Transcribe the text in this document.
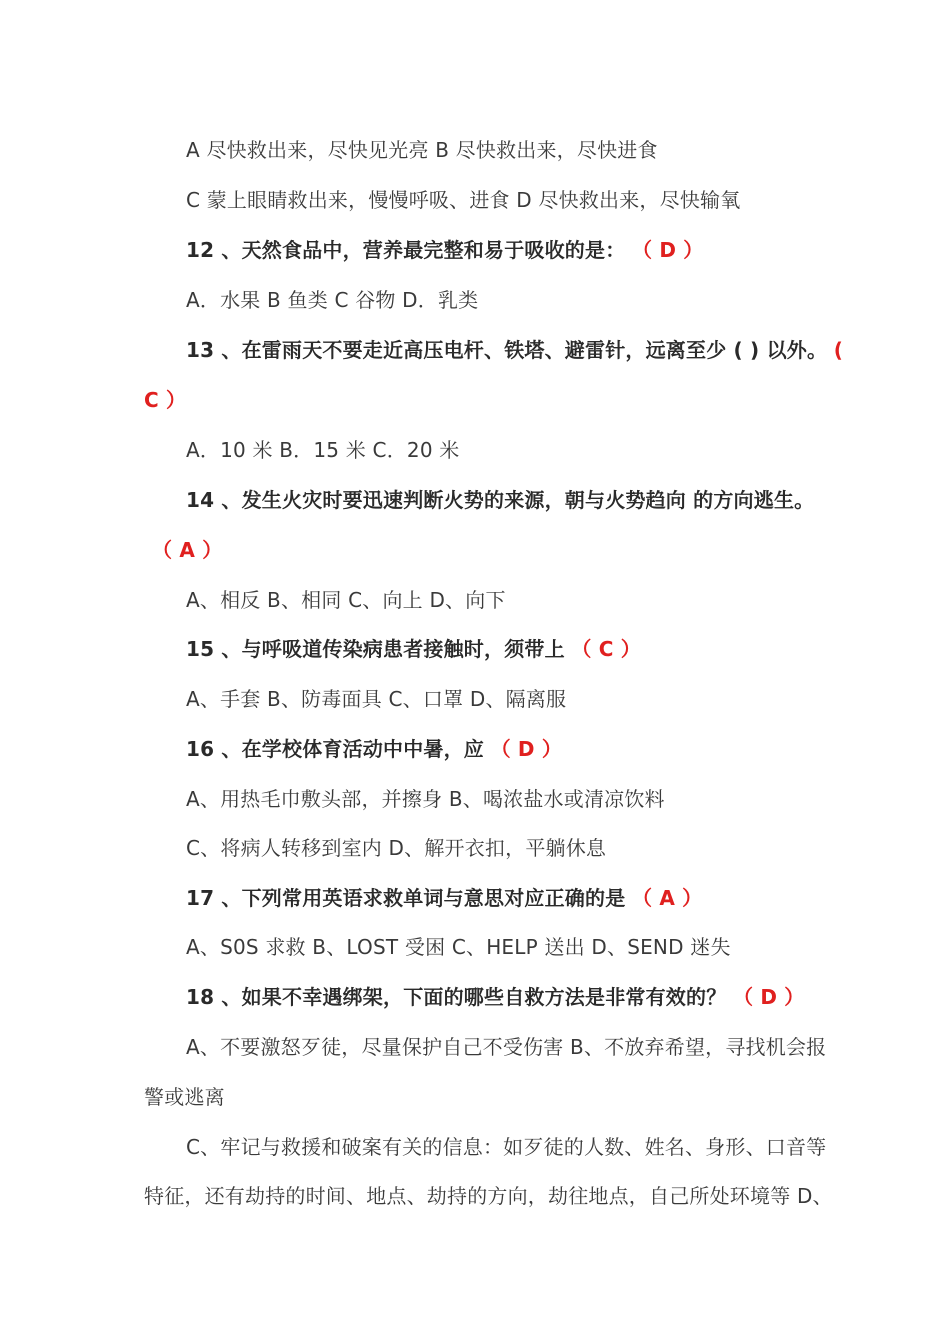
A 尽快救出来，尽快见光亮 B 尽快救出来，尽快进食
C 蒙上眼睛救出来，慢慢呼吸、进食 D 尽快救出来，尽快输氧
12 、天然食品中，营养最完整和易于吸收的是： （ D ）
A．水果 B 鱼类 C 谷物 D．乳类
13 、在雷雨天不要走近高压电杆、铁塔、避雷针，远离至少 ( ) 以外。 (
C ）
A．10 米 B．15 米 C．20 米
14 、发生火灾时要迅速判断火势的来源，朝与火势趋向 的方向逃生。
（ A ）
A、相反 B、相同 C、向上 D、向下
15 、与呼吸道传染病患者接触时，须带上 （ C ）
A、手套 B、防毒面具 C、口罩 D、隔离服
16 、在学校体育活动中中暑，应 （ D ）
A、用热毛巾敷头部，并擦身 B、喝浓盐水或清凉饮料
C、将病人转移到室内 D、解开衣扣，平躺休息
17 、下列常用英语求救单词与意思对应正确的是 （ A ）
A、S0S 求救 B、LOST 受困 C、HELP 送出 D、SEND 迷失
18 、如果不幸遇绑架，下面的哪些自救方法是非常有效的？ （ D ）
A、不要激怒歹徒，尽量保护自己不受伤害 B、不放弃希望，寻找机会报
警或逃离
C、牢记与救援和破案有关的信息：如歹徒的人数、姓名、身形、口音等
特征，还有劫持的时间、地点、劫持的方向，劫往地点，自己所处环境等 D、
